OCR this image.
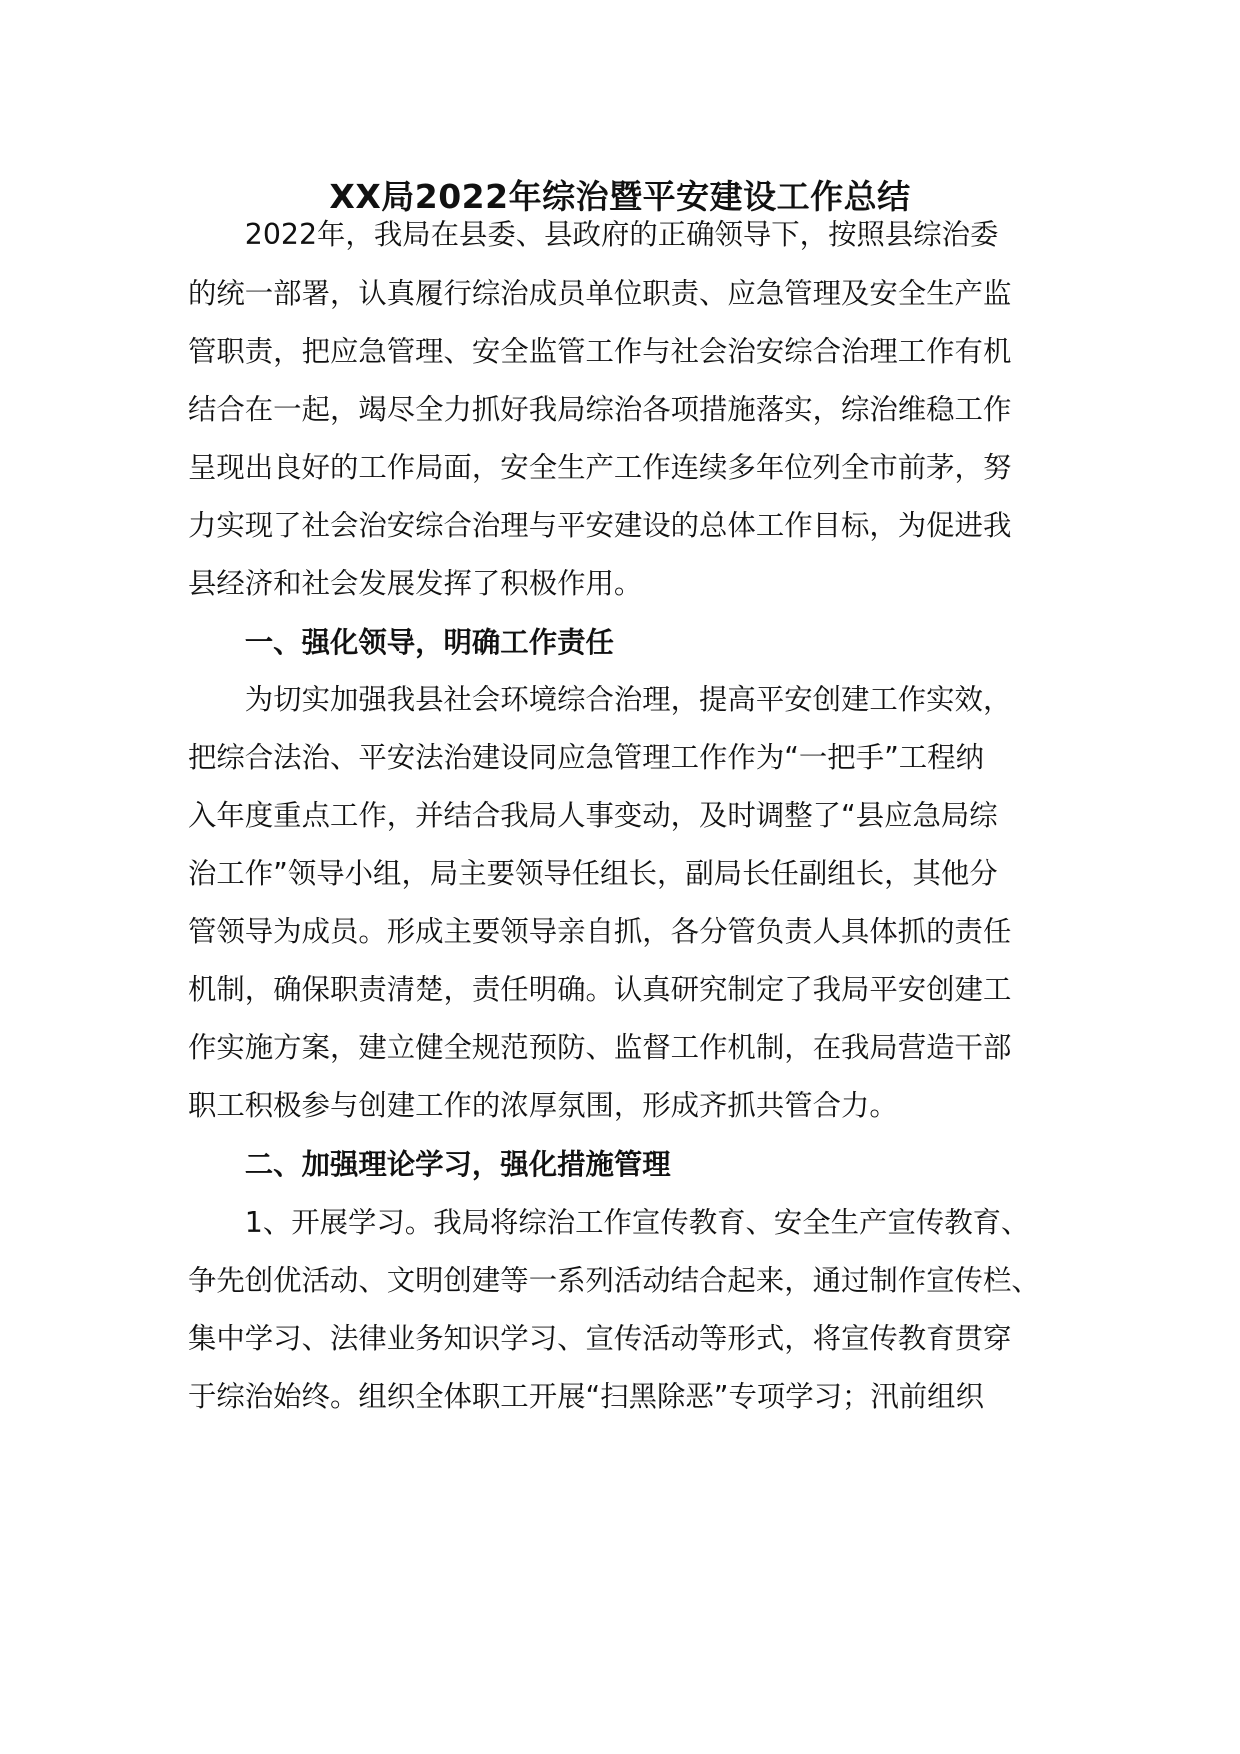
XX局2022年综治暨平安建设工作总结
　　2022年，我局在县委、县政府的正确领导下，按照县综治委
的统一部署，认真履行综治成员单位职责、应急管理及安全生产监
管职责，把应急管理、安全监管工作与社会治安综合治理工作有机
结合在一起，竭尽全力抓好我局综治各项措施落实，综治维稳工作
呈现出良好的工作局面，安全生产工作连续多年位列全市前茅，努
力实现了社会治安综合治理与平安建设的总体工作目标，为促进我
县经济和社会发展发挥了积极作用。
　　一、强化领导，明确工作责任
　　为切实加强我县社会环境综合治理，提高平安创建工作实效，
把综合法治、平安法治建设同应急管理工作作为“一把手”工程纳
入年度重点工作，并结合我局人事变动，及时调整了“县应急局综
治工作”领导小组，局主要领导任组长，副局长任副组长，其他分
管领导为成员。形成主要领导亲自抓，各分管负责人具体抓的责任
机制，确保职责清楚，责任明确。认真研究制定了我局平安创建工
作实施方案，建立健全规范预防、监督工作机制，在我局营造干部
职工积极参与创建工作的浓厚氛围，形成齐抓共管合力。
　　二、加强理论学习，强化措施管理
　　1、开展学习。我局将综治工作宣传教育、安全生产宣传教育、
争先创优活动、文明创建等一系列活动结合起来，通过制作宣传栏、
集中学习、法律业务知识学习、宣传活动等形式，将宣传教育贯穿
于综治始终。组织全体职工开展“扫黑除恶”专项学习；汛前组织
